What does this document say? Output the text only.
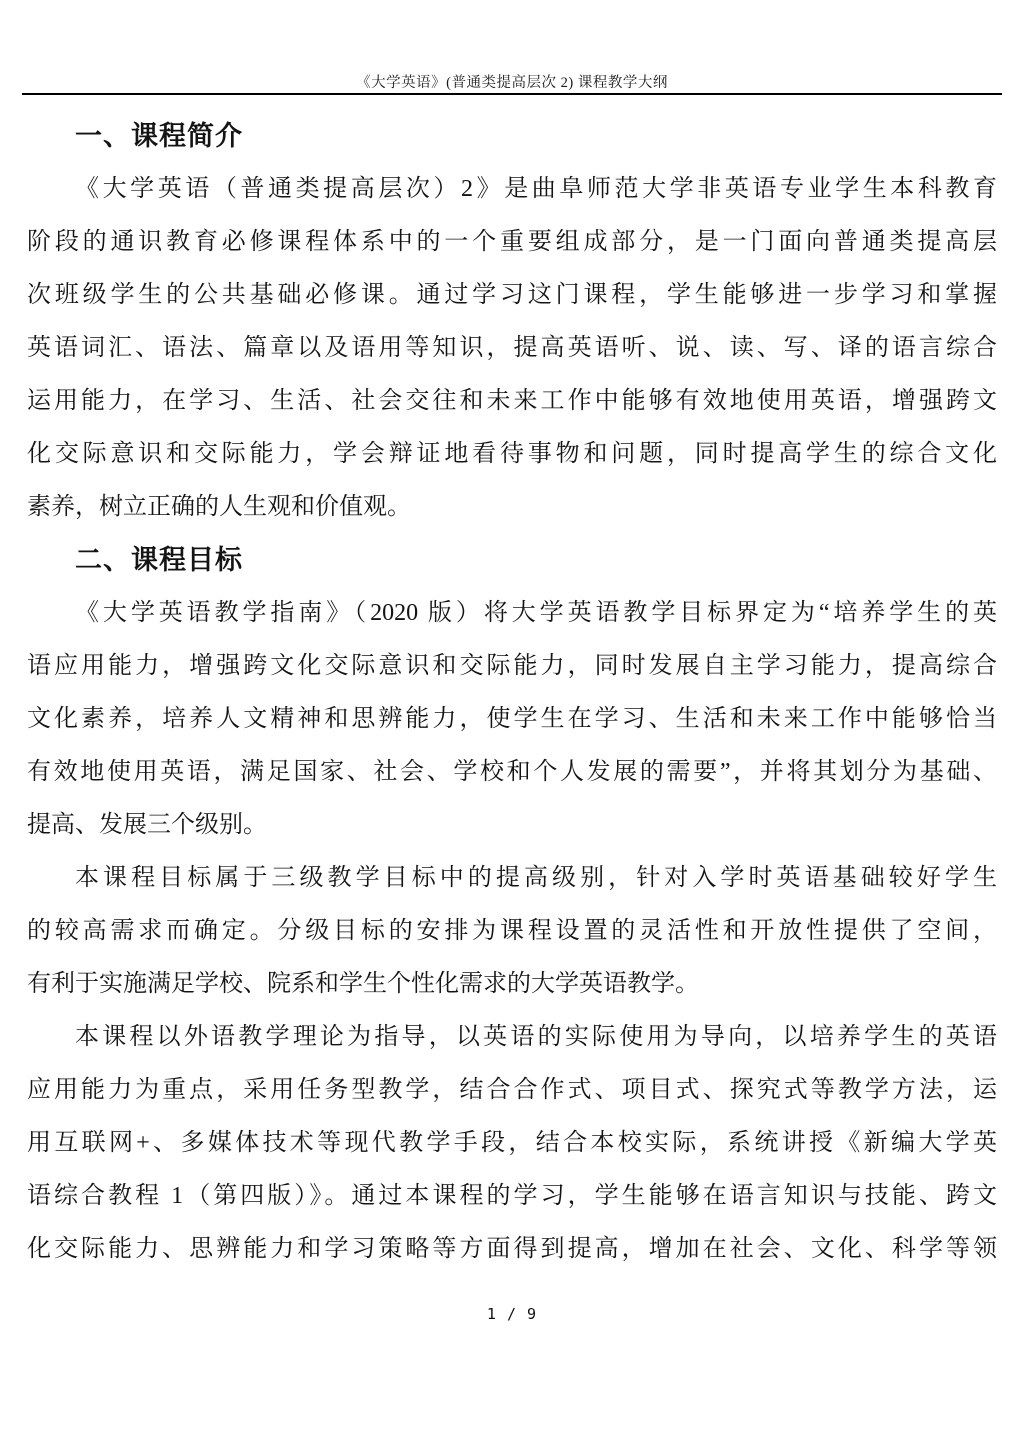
《大学英语》(普通类提高层次 2) 课程教学大纲
一、课程简介
《大学英语（普通类提高层次）2》是曲阜师范大学非英语专业学生本科教育
阶段的通识教育必修课程体系中的一个重要组成部分，是一门面向普通类提高层
次班级学生的公共基础必修课。通过学习这门课程，学生能够进一步学习和掌握
英语词汇、语法、篇章以及语用等知识，提高英语听、说、读、写、译的语言综合
运用能力，在学习、生活、社会交往和未来工作中能够有效地使用英语，增强跨文
化交际意识和交际能力，学会辩证地看待事物和问题，同时提高学生的综合文化
素养，树立正确的人生观和价值观。
二、课程目标
《大学英语教学指南》（2020 版）将大学英语教学目标界定为“培养学生的英
语应用能力，增强跨文化交际意识和交际能力，同时发展自主学习能力，提高综合
文化素养，培养人文精神和思辨能力，使学生在学习、生活和未来工作中能够恰当
有效地使用英语，满足国家、社会、学校和个人发展的需要”，并将其划分为基础、
提高、发展三个级别。
本课程目标属于三级教学目标中的提高级别，针对入学时英语基础较好学生
的较高需求而确定。分级目标的安排为课程设置的灵活性和开放性提供了空间，
有利于实施满足学校、院系和学生个性化需求的大学英语教学。
本课程以外语教学理论为指导，以英语的实际使用为导向，以培养学生的英语
应用能力为重点，采用任务型教学，结合合作式、项目式、探究式等教学方法，运
用互联网+、多媒体技术等现代教学手段，结合本校实际，系统讲授《新编大学英
语综合教程 1（第四版）》。通过本课程的学习，学生能够在语言知识与技能、跨文
化交际能力、思辨能力和学习策略等方面得到提高，增加在社会、文化、科学等领
1 / 9
